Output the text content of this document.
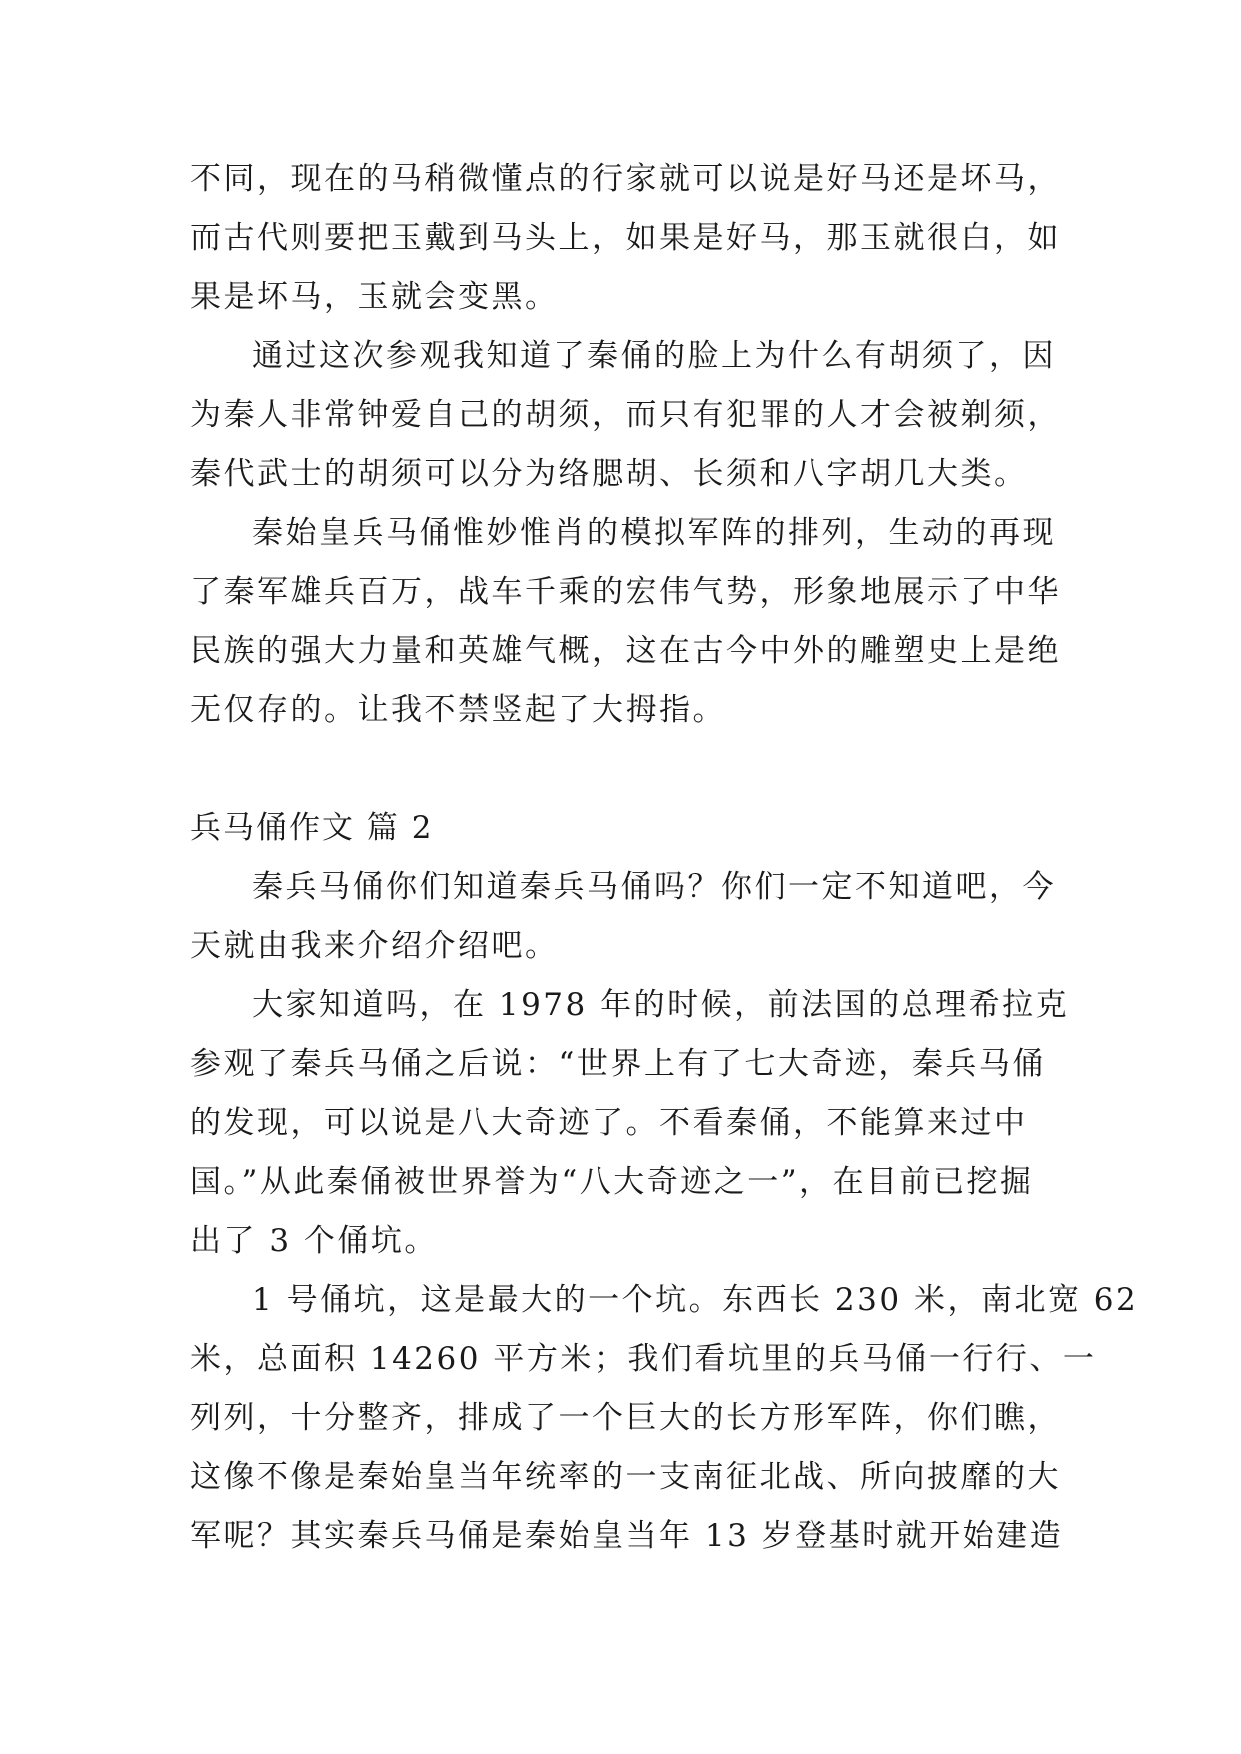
不同，现在的马稍微懂点的行家就可以说是好马还是坏马，
而古代则要把玉戴到马头上，如果是好马，那玉就很白，如
果是坏马，玉就会变黑。
通过这次参观我知道了秦俑的脸上为什么有胡须了，因
为秦人非常钟爱自己的胡须，而只有犯罪的人才会被剃须，
秦代武士的胡须可以分为络腮胡、长须和八字胡几大类。
秦始皇兵马俑惟妙惟肖的模拟军阵的排列，生动的再现
了秦军雄兵百万，战车千乘的宏伟气势，形象地展示了中华
民族的强大力量和英雄气概，这在古今中外的雕塑史上是绝
无仅存的。让我不禁竖起了大拇指。
兵马俑作文 篇 2
秦兵马俑你们知道秦兵马俑吗？你们一定不知道吧，今
天就由我来介绍介绍吧。
大家知道吗，在 1978 年的时候，前法国的总理希拉克
参观了秦兵马俑之后说：“世界上有了七大奇迹，秦兵马俑
的发现，可以说是八大奇迹了。不看秦俑，不能算来过中
国。”从此秦俑被世界誉为“八大奇迹之一”，在目前已挖掘
出了 3 个俑坑。
1 号俑坑，这是最大的一个坑。东西长 230 米，南北宽 62
米，总面积 14260 平方米；我们看坑里的兵马俑一行行、一
列列，十分整齐，排成了一个巨大的长方形军阵，你们瞧，
这像不像是秦始皇当年统率的一支南征北战、所向披靡的大
军呢？其实秦兵马俑是秦始皇当年 13 岁登基时就开始建造
